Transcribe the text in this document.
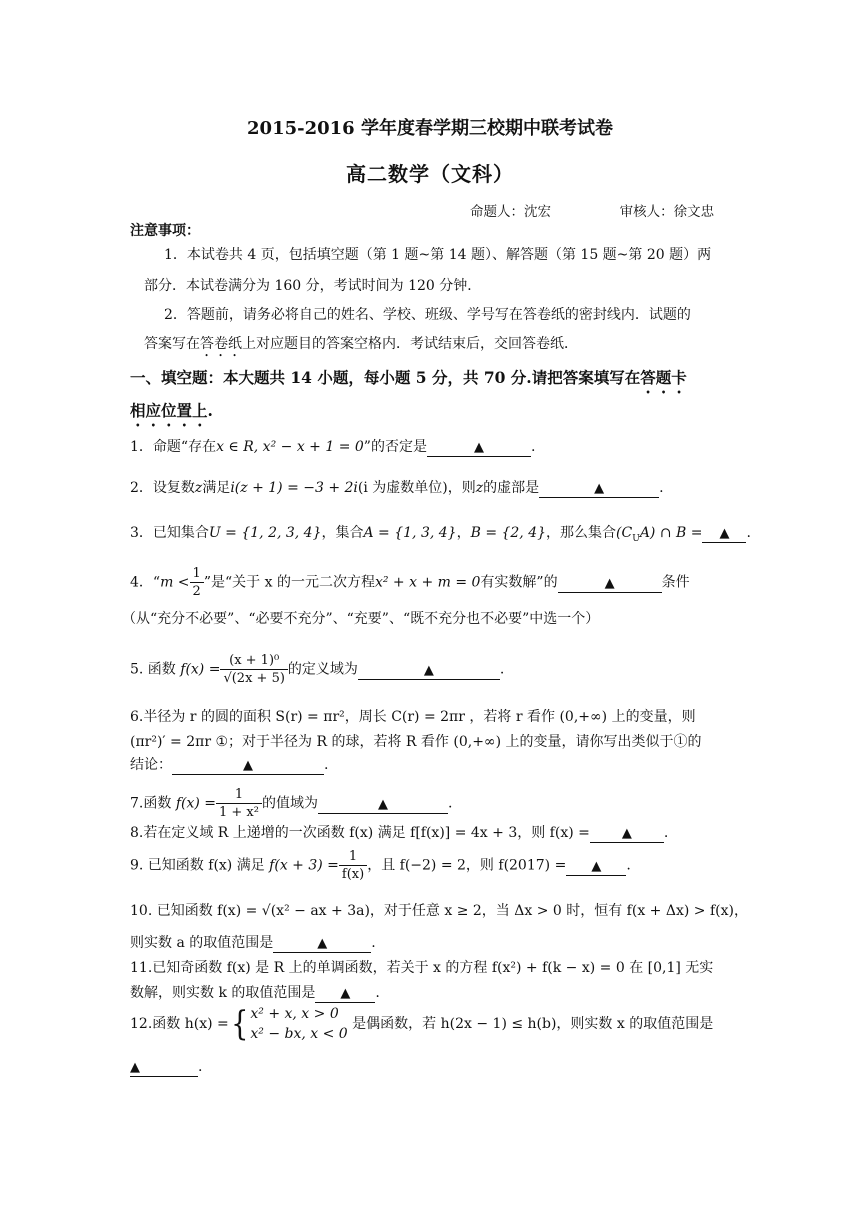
2015-2016 学年度春学期三校期中联考试卷
高二数学（文科）
命题人：沈宏	审核人：徐文忠
注意事项：
1．本试卷共 4 页，包括填空题（第 1 题~第 14 题）、解答题（第 15 题~第 20 题）两
部分．本试卷满分为 160 分，考试时间为 120 分钟．
2．答题前，请务必将自己的姓名、学校、班级、学号写在答卷纸的密封线内．试题的
答案写在答卷纸上对应题目的答案空格内．考试结束后，交回答卷纸．
一、填空题：本大题共 14 小题，每小题 5 分，共 70 分.请把答案填写在答题卡
相应位置上.
1．命题“存在x ∈ R, x² − x + 1 = 0”的否定是	▲	.
2．设复数z满足i(z + 1) = −3 + 2i(i 为虚数单位)，则z的虚部是	▲	.
3．已知集合U = {1, 2, 3, 4}，集合A = {1, 3, 4}，B = {2, 4}，那么集合$(C_UA)$ ∩ B = ▲ .
4．“$m < \frac{1}{2}$ ”是“关于 x 的一元二次方程x² + x + m = 0有实数解”的	▲	条件
（从“充分不必要”、“必要不充分”、“充要”、“既不充分也不必要”中选一个）
5. 函数 $f(x) = \frac{\text{(x + 1)⁰}}{√(2x + 5)}$ 的定义域为	▲	.
6.半径为 r 的圆的面积 S(r) = πr²，周长 C(r) = 2πr ，若将 r 看作 (0,+∞) 上的变量，则
(πr²)′ = 2πr ①；对于半径为 R 的球，若将 R 看作 (0,+∞) 上的变量，请你写出类似于①的
结论：	▲	.
7.函数 $f(x) = \frac{1}{\text{1 + x²}}$ 的值域为	▲	.
8.若在定义域 R 上递增的一次函数 f(x) 满足 f[f(x)] = 4x + 3，则 f(x) = ▲ .
9. 已知函数 f(x) 满足 $f(x + 3) = \frac{1}{f(x)}$ ，且 f(−2) = 2，则 f(2017) = ▲ .
10. 已知函数 f(x) = √(x² − ax + 3a)，对于任意 x ≥ 2，当 Δx > 0 时，恒有 f(x + Δx) > f(x)，
则实数 a 的取值范围是	▲	.
11.已知奇函数 f(x) 是 R 上的单调函数，若关于 x 的方程 f(x²) + f(k − x) = 0 在 [0,1] 无实
数解，则实数 k 的取值范围是 ▲ .
12.函数 h(x) ={ x² + x, x > 0
x² − bx, x < 0
是偶函数，若 h(2x − 1) ≤ h(b)，则实数 x 的取值范围是
▲	.
